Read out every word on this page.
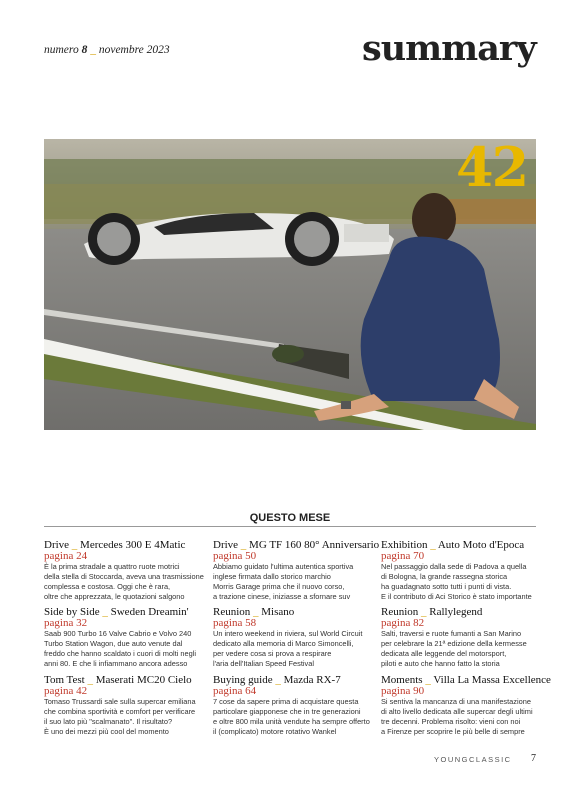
numero 8 _ novembre 2023	summary
42
QUESTO MESE
Drive _ Mercedes 300 E 4Matic
pagina 24
È la prima stradale a quattro ruote motrici
della stella di Stoccarda, aveva una trasmissione
complessa e costosa. Oggi che è rara,
oltre che apprezzata, le quotazioni salgono
Side by Side _ Sweden Dreamin'
pagina 32
Saab 900 Turbo 16 Valve Cabrio e Volvo 240
Turbo Station Wagon, due auto venute dal
freddo che hanno scaldato i cuori di molti negli
anni 80. E che li infiammano ancora adesso
Tom Test _ Maserati MC20 Cielo
pagina 42
Tomaso Trussardi sale sulla supercar emiliana
che combina sportività e comfort per verificare
il suo lato più "scalmanato". Il risultato?
È uno dei mezzi più cool del momento
Drive _ MG TF 160 80° Anniversario
pagina 50
Abbiamo guidato l'ultima autentica sportiva
inglese firmata dallo storico marchio
Morris Garage prima che il nuovo corso,
a trazione cinese, iniziasse a sfornare suv
Reunion _ Misano
pagina 58
Un intero weekend in riviera, sul World Circuit
dedicato alla memoria di Marco Simoncelli,
per vedere cosa si prova a respirare
l'aria dell'Italian Speed Festival
Buying guide _ Mazda RX-7
pagina 64
7 cose da sapere prima di acquistare questa
particolare giapponese che in tre generazioni
e oltre 800 mila unità vendute ha sempre offerto
il (complicato) motore rotativo Wankel
Exhibition _ Auto Moto d'Epoca
pagina 70
Nel passaggio dalla sede di Padova a quella
di Bologna, la grande rassegna storica
ha guadagnato sotto tutti i punti di vista.
E il contributo di Aci Storico è stato importante
Reunion _ Rallylegend
pagina 82
Salti, traversi e ruote fumanti a San Marino
per celebrare la 21ª edizione della kermesse
dedicata alle leggende del motorsport,
piloti e auto che hanno fatto la storia
Moments _ Villa La Massa Excellence
pagina 90
Si sentiva la mancanza di una manifestazione
di alto livello dedicata alle supercar degli ultimi
tre decenni. Problema risolto: vieni con noi
a Firenze per scoprire le più belle di sempre
YOUNGCLASSIC 7
